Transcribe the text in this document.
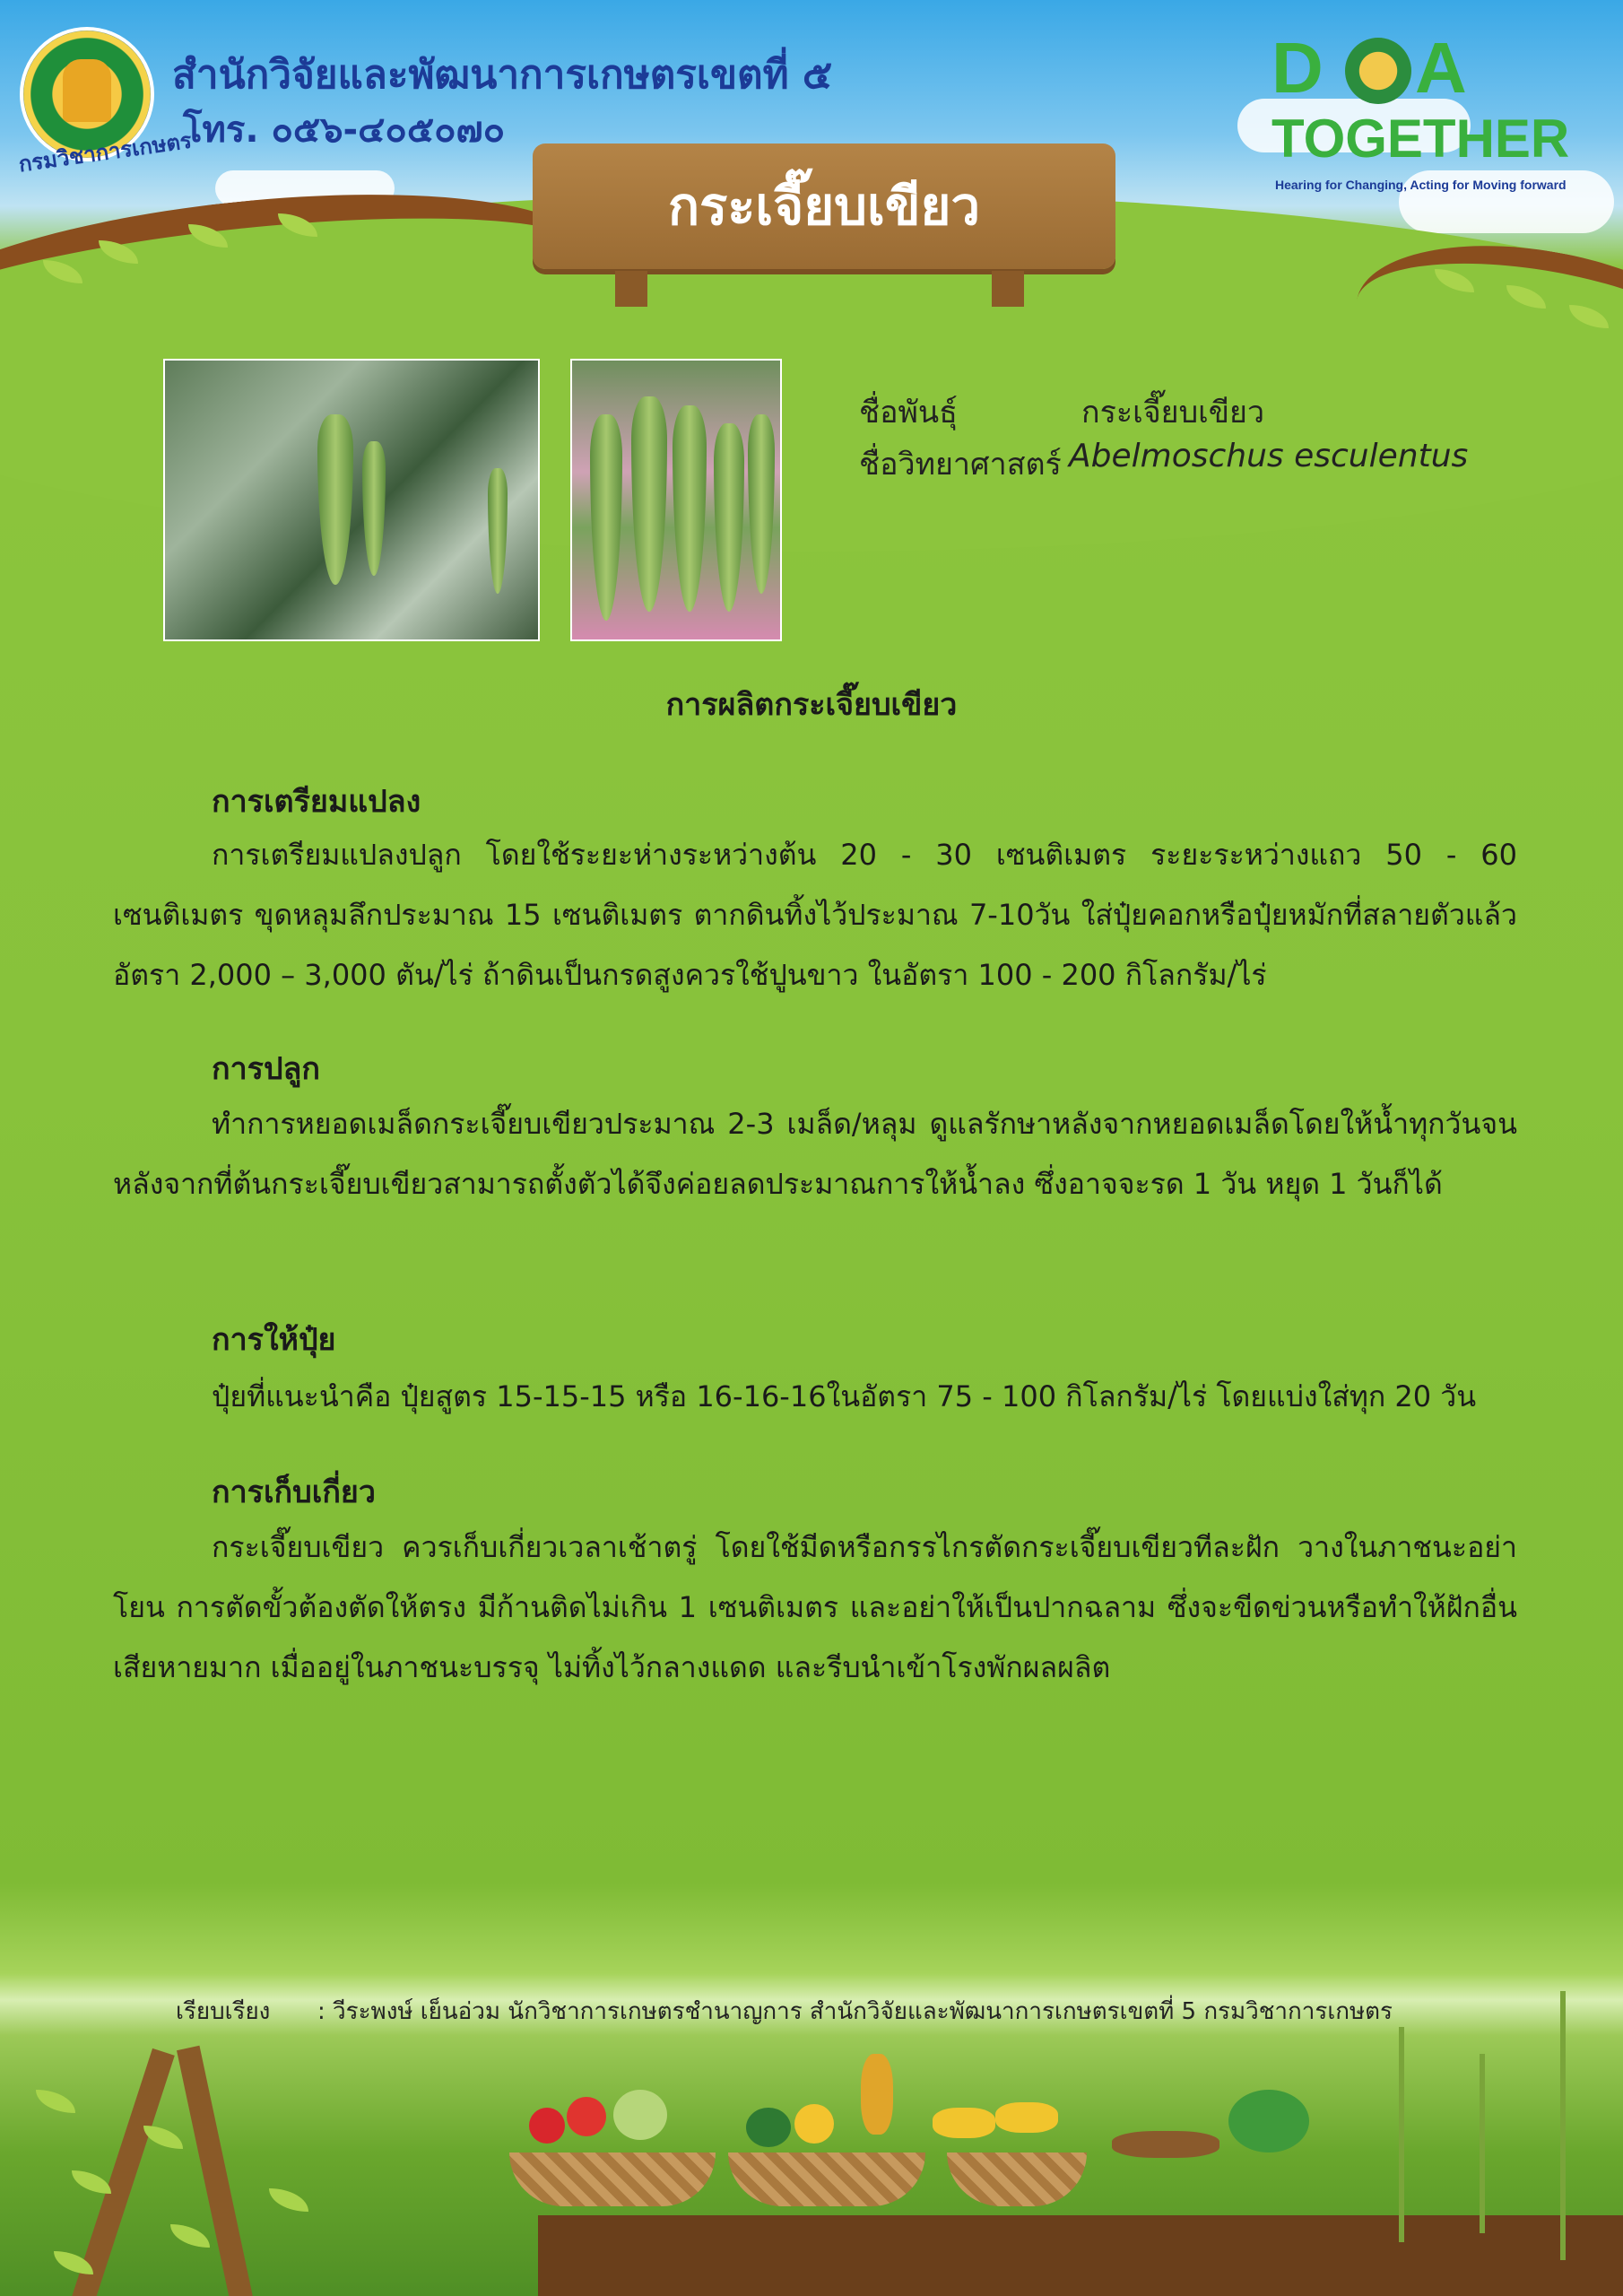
กรมวิชาการเกษตร
สำนักวิจัยและพัฒนาการเกษตรเขตที่ ๕
โทร. ๐๕๖-๔๐๕๐๗๐
D A
TOGETHER
Hearing for Changing, Acting for Moving forward
กระเจี๊ยบเขียว
ชื่อพันธุ์	กระเจี๊ยบเขียว
ชื่อวิทยาศาสตร์ Abelmoschus esculentus
การผลิตกระเจี๊ยบเขียว
การเตรียมแปลง
การเตรียมแปลงปลูก โดยใช้ระยะห่างระหว่างต้น 20 - 30 เซนติเมตร ระยะระหว่างแถว 50 - 60 เซนติเมตร ขุดหลุมลึกประมาณ 15 เซนติเมตร ตากดินทิ้งไว้ประมาณ 7-10วัน ใส่ปุ๋ยคอกหรือปุ๋ยหมักที่สลายตัวแล้วอัตรา 2,000 – 3,000 ตัน/ไร่ ถ้าดินเป็นกรดสูงควรใช้ปูนขาว ในอัตรา 100 - 200 กิโลกรัม/ไร่
การปลูก
ทำการหยอดเมล็ดกระเจี๊ยบเขียวประมาณ 2-3 เมล็ด/หลุม ดูแลรักษาหลังจากหยอดเมล็ดโดยให้น้ำทุกวันจน หลังจากที่ต้นกระเจี๊ยบเขียวสามารถตั้งตัวได้จึงค่อยลดประมาณการให้น้ำลง ซึ่งอาจจะรด 1 วัน หยุด 1 วันก็ได้
การให้ปุ๋ย
ปุ๋ยที่แนะนำคือ ปุ๋ยสูตร 15-15-15 หรือ 16-16-16ในอัตรา 75 - 100 กิโลกรัม/ไร่ โดยแบ่งใส่ทุก 20 วัน
การเก็บเกี่ยว
กระเจี๊ยบเขียว ควรเก็บเกี่ยวเวลาเช้าตรู่ โดยใช้มีดหรือกรรไกรตัดกระเจี๊ยบเขียวทีละฝัก วางในภาชนะอย่าโยน การตัดขั้วต้องตัดให้ตรง มีก้านติดไม่เกิน 1 เซนติเมตร และอย่าให้เป็นปากฉลาม ซึ่งจะขีดข่วนหรือทำให้ฝักอื่นเสียหายมาก เมื่ออยู่ในภาชนะบรรจุ ไม่ทิ้งไว้กลางแดด และรีบนำเข้าโรงพักผลผลิต
เรียบเรียง : วีระพงษ์ เย็นอ่วม นักวิชาการเกษตรชำนาญการ สำนักวิจัยและพัฒนาการเกษตรเขตที่ 5 กรมวิชาการเกษตร
